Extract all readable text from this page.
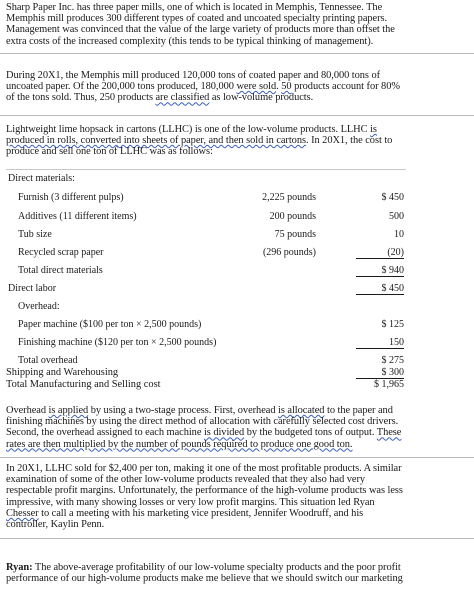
Sharp Paper Inc. has three paper mills, one of which is located in Memphis, Tennessee. The
Memphis mill produces 300 different types of coated and uncoated specialty printing papers.
Management was convinced that the value of the large variety of products more than offset the
extra costs of the increased complexity (this tends to be typical thinking of management).

During 20X1, the Memphis mill produced 120,000 tons of coated paper and 80,000 tons of
uncoated paper. Of the 200,000 tons produced, 180,000 were sold. 50 products account for 80%
of the tons sold. Thus, 250 products are classified as low-volume products.

Lightweight lime hopsack in cartons (LLHC) is one of the low-volume products. LLHC is
produced in rolls, converted into sheets of paper, and then sold in cartons. In 20X1, the cost to
produce and sell one ton of LLHC was as follows:

Direct materials:
Furnish (3 different pulps)	2,225 pounds	$ 450
Additives (11 different items)	200 pounds	500
Tub size	75 pounds	10
Recycled scrap paper	(296 pounds)	(20)
Total direct materials	$ 940
Direct labor	$ 450
Overhead:
Paper machine ($100 per ton × 2,500 pounds)	$ 125
Finishing machine ($120 per ton × 2,500 pounds)	150
Total overhead	$ 275
Shipping and Warehousing	$ 300
Total Manufacturing and Selling cost	$ 1,965

Overhead is applied by using a two-stage process. First, overhead is allocated to the paper and
finishing machines by using the direct method of allocation with carefully selected cost drivers.
Second, the overhead assigned to each machine is divided by the budgeted tons of output. These
rates are then multiplied by the number of pounds required to produce one good ton.

In 20X1, LLHC sold for $2,400 per ton, making it one of the most profitable products. A similar
examination of some of the other low-volume products revealed that they also had very
respectable profit margins. Unfortunately, the performance of the high-volume products was less
impressive, with many showing losses or very low profit margins. This situation led Ryan
Chesser to call a meeting with his marketing vice president, Jennifer Woodruff, and his
controller, Kaylin Penn.

Ryan: The above-average profitability of our low-volume specialty products and the poor profit
performance of our high-volume products make me believe that we should switch our marketing
